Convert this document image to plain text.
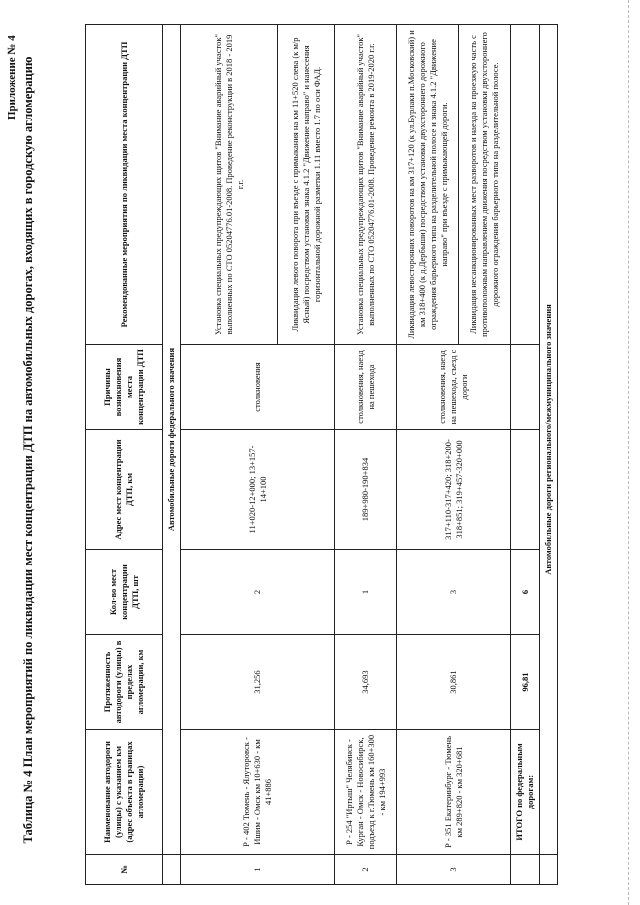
Приложение № 4 Таблица № 4 План мероприятий по ликвидации мест концентрации ДТП на автомобильных дорогах, входящих в городскую агломерацию
№	Наименование автодороги (улицы) с указанием км (адрес объекта в границах агломерации)	Протяженность автодороги (улицы) в пределах агломерации, км	Кол-во мест концентрации ДТП, шт	Адрес мест концентрации ДТП, км	Причины возникновения места концентрации ДТП	Рекомендованные мероприятия по ликвидации места концентрации ДТП
	Автомобильные дороги федерального значения					
1	Р - 402 Тюмень - Ялуторовск - Ишим - Омск км 10+630 - км 41+886	31,256	2	11+020-12+000; 13+157-14+100	столкновения	Установка специальных предупреждающих щитов "Внимание аварийный участок" выполненных по СТО 05204776.01-2008. Проведение реконструкции в 2018 - 2019 г.г.
						Ликвидация левого поворота при въезде с примыкания на км 11+520 слева (к м/р Ясный) посредством установки знака 4.1.2 "Движение направо" и нанесения горизонтальной дорожной разметки 1.11 вместо 1.7 по оси ФАД.
2	Р - 254 "Иртыш" Челябинск - Курган - Омск - Новосибирск, подъезд к г.Тюмень км 160+300 - км 194+993	34,693	1	189+980-190+834	столкновения, наезд на пешехода	Установка специальных предупреждающих щитов "Внимание аварийный участок" выполненных по СТО 05204776.01-2008. Проведение ремонта в 2019-2020 г.г.
3	Р - 351 Екатеринбург - Тюмень км 289+820 - км 320+681	30,861	3	317+110-317+420; 318+200-318+851; 319+457-320+000	столкновения, наезд на пешехода, съезд с дороги	Ликвидация левосторонних поворотов на км 317+120 (к ул.Бурлаки п.Московский) и км 318+400 (к д.Дербыши) посредством установки двухстороннего дорожного ограждения барьерного типа на разделительной полосе и знака 4.1.2 "Движение направо" при въезде с примыкающей дороги.
						Ликвидация несанкционированных мест разворотов и наезда на проезжую часть с противоположным направлением движения посредством установки двухстороннего дорожного ограждения барьерного типа на разделительной полосе.
	ИТОГО по федеральным дорогам:	96,81	6			
	Автомобильные дороги регионального/межмуниципального значения					
